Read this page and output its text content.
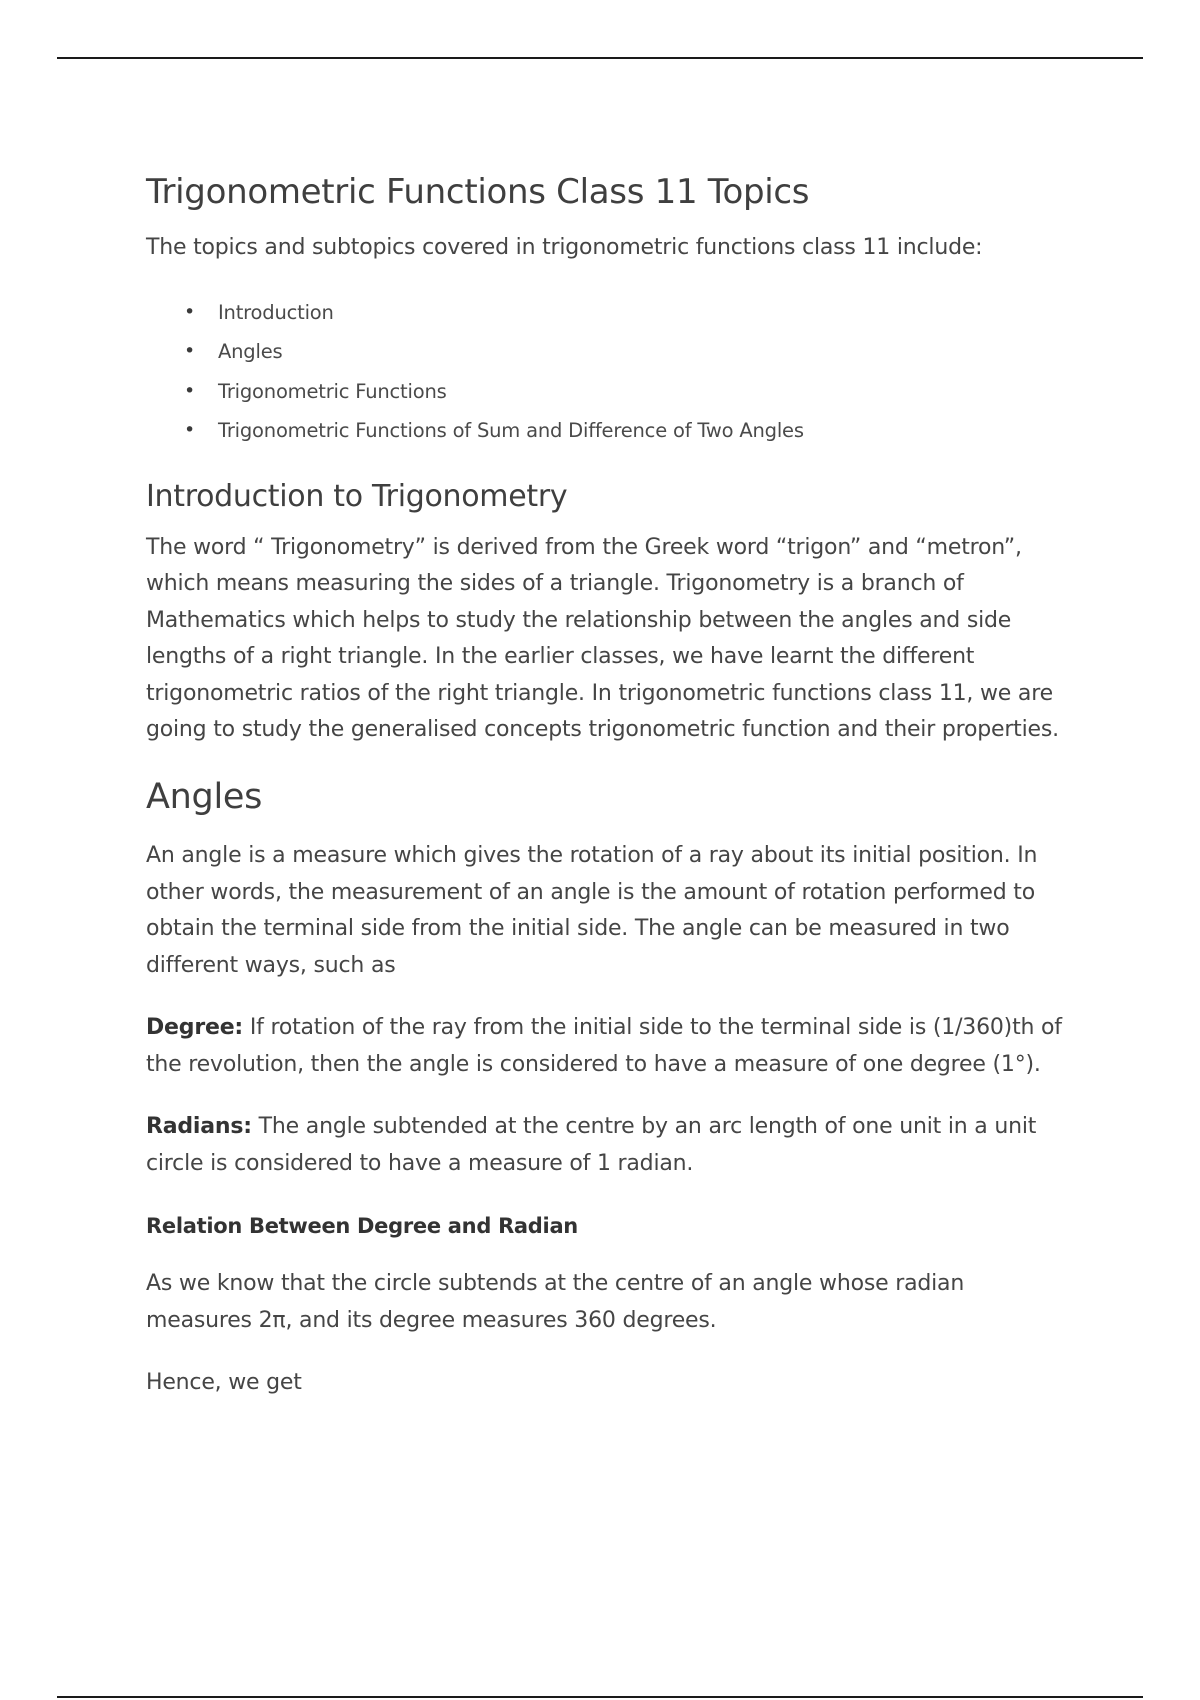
Trigonometric Functions Class 11 Topics

The topics and subtopics covered in trigonometric functions class 11 include:

• Introduction
• Angles
• Trigonometric Functions
• Trigonometric Functions of Sum and Difference of Two Angles
Introduction to Trigonometry

The word “ Trigonometry” is derived from the Greek word “trigon” and “metron”, which means measuring the sides of a triangle. Trigonometry is a branch of Mathematics which helps to study the relationship between the angles and side lengths of a right triangle. In the earlier classes, we have learnt the different trigonometric ratios of the right triangle. In trigonometric functions class 11, we are going to study the generalised concepts trigonometric function and their properties.

Angles

An angle is a measure which gives the rotation of a ray about its initial position. In other words, the measurement of an angle is the amount of rotation performed to obtain the terminal side from the initial side. The angle can be measured in two different ways, such as

Degree: If rotation of the ray from the initial side to the terminal side is (1/360)th of the revolution, then the angle is considered to have a measure of one degree (1°).

Radians: The angle subtended at the centre by an arc length of one unit in a unit circle is considered to have a measure of 1 radian.

Relation Between Degree and Radian

As we know that the circle subtends at the centre of an angle whose radian measures 2π, and its degree measures 360 degrees.

Hence, we get
